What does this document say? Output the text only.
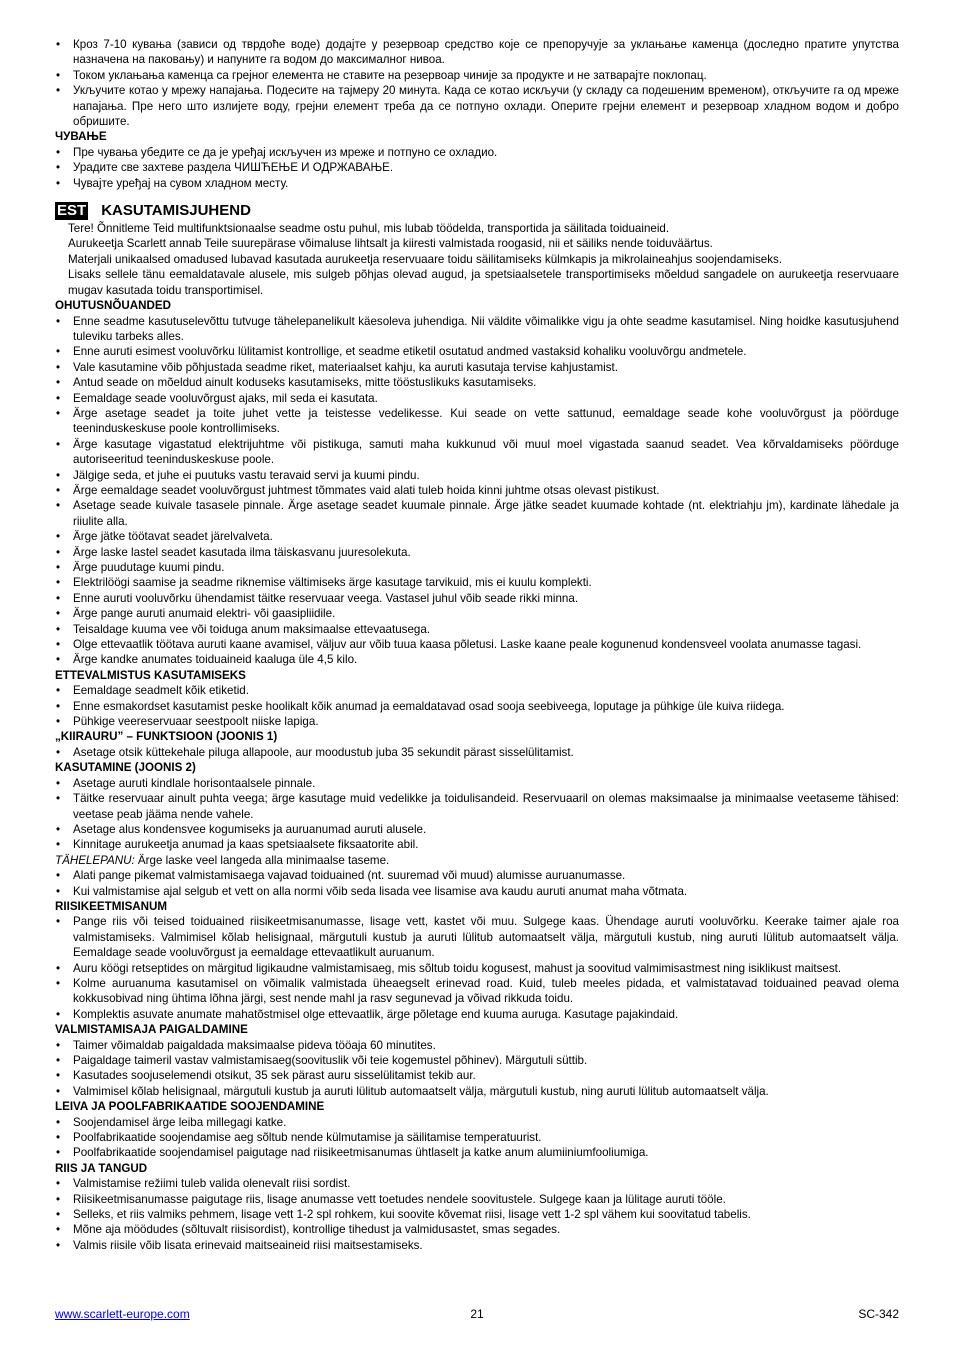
• Кроз 7-10 кувања (зависи од тврдоће воде) додајте у резервоар средство које се препоручује за уклањање каменца (доследно пратите упутства назначена на паковању) и напуните га водом до максималног нивоа.
• Током уклањања каменца са грејног елемента не ставите на резервоар чиније за продукте и не затварајте поклопац.
• Укључите котао у мрежу напајања. Подесите на тајмеру 20 минута. Када се котао искључи (у складу са подешеним временом), откључите га од мреже напајања. Пре него што излијете воду, грејни елемент треба да се потпуно охлади. Оперите грејни елемент и резервоар хладном водом и добро обришите.
ЧУВАЊЕ
• Пре чувања убедите се да је уређај искључен из мреже и потпуно се охладио.
• Урадите све захтеве раздела ЧИШЋЕЊЕ И ОДРЖАВАЊЕ.
• Чувајте уређај на сувом хладном месту.
EST KASUTAMISJUHEND

Tere! Õnnitleme Teid multifunktsionaalse seadme ostu puhul, mis lubab töödelda, transportida ja säilitada toiduaineid.

Aurukeetja Scarlett annab Teile suurepärase võimaluse lihtsalt ja kiiresti valmistada roogasid, nii et säiliks nende toiduväärtus.

Materjali unikaalsed omadused lubavad kasutada aurukeetja reservuaare toidu säilitamiseks külmkapis ja mikrolaineahjus soojendamiseks.

Lisaks sellele tänu eemaldatavale alusele, mis sulgeb põhjas olevad augud, ja spetsiaalsetele transportimiseks mõeldud sangadele on aurukeetja reservuaare mugav kasutada toidu transportimisel.

OHUTUSNÕUANDED
• Enne seadme kasutuselevõttu tutvuge tähelepanelikult käesoleva juhendiga. Nii väldite võimalikke vigu ja ohte seadme kasutamisel. Ning hoidke kasutusjuhend tuleviku tarbeks alles.
• Enne auruti esimest vooluvõrku lülitamist kontrollige, et seadme etiketil osutatud andmed vastaksid kohaliku vooluvõrgu andmetele.
• Vale kasutamine võib põhjustada seadme riket, materiaalset kahju, ka auruti kasutaja tervise kahjustamist.
• Antud seade on mõeldud ainult koduseks kasutamiseks, mitte tööstuslikuks kasutamiseks.
• Eemaldage seade vooluvõrgust ajaks, mil seda ei kasutata.
• Ärge asetage seadet ja toite juhet vette ja teistesse vedelikesse. Kui seade on vette sattunud, eemaldage seade kohe vooluvõrgust ja pöörduge teeninduskeskuse poole kontrollimiseks.
• Ärge kasutage vigastatud elektrijuhtme või pistikuga, samuti maha kukkunud või muul moel vigastada saanud seadet. Vea kõrvaldamiseks pöörduge autoriseeritud teeninduskeskuse poole.
• Jälgige seda, et juhe ei puutuks vastu teravaid servi ja kuumi pindu.
• Ärge eemaldage seadet vooluvõrgust juhtmest tõmmates vaid alati tuleb hoida kinni juhtme otsas olevast pistikust.
• Asetage seade kuivale tasasele pinnale. Ärge asetage seadet kuumale pinnale. Ärge jätke seadet kuumade kohtade (nt. elektriahju jm), kardinate lähedale ja riiulite alla.
• Ärge jätke töötavat seadet järelvalveta.
• Ärge laske lastel seadet kasutada ilma täiskasvanu juuresolekuta.
• Ärge puudutage kuumi pindu.
• Elektrilöögi saamise ja seadme riknemise vältimiseks ärge kasutage tarvikuid, mis ei kuulu komplekti.
• Enne auruti vooluvõrku ühendamist täitke reservuaar veega. Vastasel juhul võib seade rikki minna.
• Ärge pange auruti anumaid elektri- või gaasipliidile.
• Teisaldage kuuma vee või toiduga anum maksimaalse ettevaatusega.
• Olge ettevaatlik töötava auruti kaane avamisel, väljuv aur võib tuua kaasa põletusi. Laske kaane peale kogunenud kondensveel voolata anumasse tagasi.
• Ärge kandke anumates toiduaineid kaaluga üle 4,5 kilo.
ETTEVALMISTUS KASUTAMISEKS
• Eemaldage seadmelt kõik etiketid.
• Enne esmakordset kasutamist peske hoolikalt kõik anumad ja eemaldatavad osad sooja seebiveega, loputage ja pühkige üle kuiva riidega.
• Pühkige veereservuaar seestpoolt niiske lapiga.
„KIIRAURU” – FUNKTSIOON (JOONIS 1)
• Asetage otsik küttekehale piluga allapoole, aur moodustub juba 35 sekundit pärast sisselülitamist.
KASUTAMINE (JOONIS 2)
• Asetage auruti kindlale horisontaalsele pinnale.
• Täitke reservuaar ainult puhta veega; ärge kasutage muid vedelikke ja toidulisandeid. Reservuaaril on olemas maksimaalse ja minimaalse veetaseme tähised: veetase peab jääma nende vahele.
• Asetage alus kondensvee kogumiseks ja auruanumad auruti alusele.
• Kinnitage aurukeetja anumad ja kaas spetsiaalsete fiksaatorite abil.
TÄHELEPANU: Ärge laske veel langeda alla minimaalse taseme.
• Alati pange pikemat valmistamisaega vajavad toiduained (nt. suuremad või muud) alumisse auruanumasse.
• Kui valmistamise ajal selgub et vett on alla normi võib seda lisada vee lisamise ava kaudu auruti anumat maha võtmata.
RIISIKEETMISANUM
• Pange riis või teised toiduained riisikeetmisanumasse, lisage vett, kastet või muu. Sulgege kaas. Ühendage auruti vooluvõrku. Keerake taimer ajale roa valmistamiseks. Valmimisel kõlab helisignaal, märgutuli kustub ja auruti lülitub automaatselt välja, märgutuli kustub, ning auruti lülitub automaatselt välja. Eemaldage seade vooluvõrgust ja eemaldage ettevaatlikult auruanum.
• Auru köögi retseptides on märgitud ligikaudne valmistamisaeg, mis sõltub toidu kogusest, mahust ja soovitud valmimisastmest ning isiklikust maitsest.
• Kolme auruanuma kasutamisel on võimalik valmistada üheaegselt erinevad road. Kuid, tuleb meeles pidada, et valmistatavad toiduained peavad olema kokkusobivad ning ühtima lõhna järgi, sest nende mahl ja rasv segunevad ja võivad rikkuda toidu.
• Komplektis asuvate anumate mahatõstmisel olge ettevaatlik, ärge põletage end kuuma auruga. Kasutage pajakindaid.
VALMISTAMISAJA PAIGALDAMINE
• Taimer võimaldab paigaldada maksimaalse pideva tööaja 60 minutites.
• Paigaldage taimeril vastav valmistamisaeg(soovituslik või teie kogemustel põhinev). Märgutuli süttib.
• Kasutades soojuselemendi otsikut, 35 sek pärast auru sisselülitamist tekib aur.
• Valmimisel kõlab helisignaal, märgutuli kustub ja auruti lülitub automaatselt välja, märgutuli kustub, ning auruti lülitub automaatselt välja.
LEIVA JA POOLFABRIKAATIDE SOOJENDAMINE
• Soojendamisel ärge leiba millegagi katke.
• Poolfabrikaatide soojendamise aeg sõltub nende külmutamise ja säilitamise temperatuurist.
• Poolfabrikaatide soojendamisel paigutage nad riisikeetmisanumas ühtlaselt ja katke anum alumiiniumfooliumiga.
RIIS JA TANGUD
• Valmistamise režiimi tuleb valida olenevalt riisi sordist.
• Riisikeetmisanumasse paigutage riis, lisage anumasse vett toetudes nendele soovitustele. Sulgege kaan ja lülitage auruti tööle.
• Selleks, et riis valmiks pehmem, lisage vett 1-2 spl rohkem, kui soovite kõvemat riisi, lisage vett 1-2 spl vähem kui soovitatud tabelis.
• Mõne aja möödudes (sõltuvalt riisisordist), kontrollige tihedust ja valmidusastet, smas segades.
• Valmis riisile võib lisata erinevaid maitseaineid riisi maitsestamiseks.
www.scarlett-europe.com	21	SC-342
